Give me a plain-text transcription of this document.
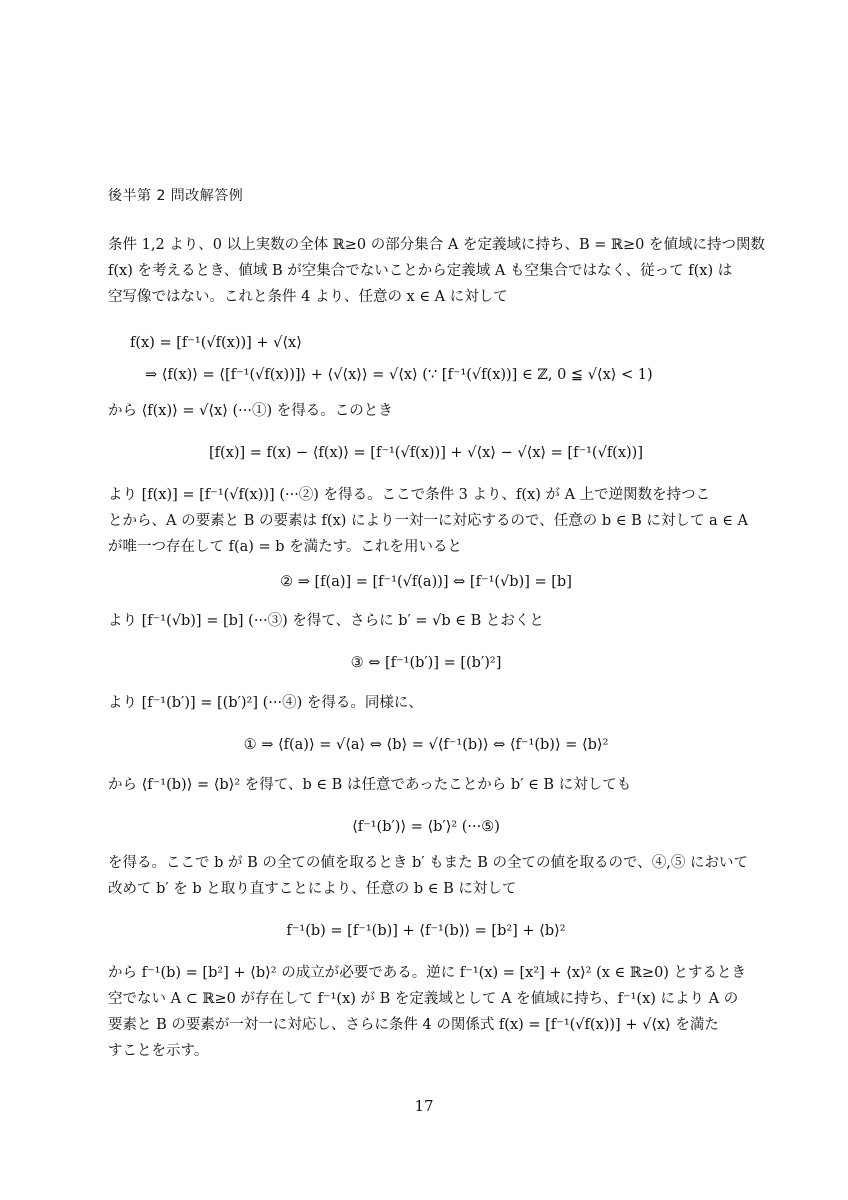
後半第 2 問改解答例
条件 1,2 より、0 以上実数の全体 ℝ≥0 の部分集合 A を定義域に持ち、B = ℝ≥0 を値域に持つ関数
f(x) を考えるとき、値域 B が空集合でないことから定義域 A も空集合ではなく、従って f(x) は
空写像ではない。これと条件 4 より、任意の x ∈ A に対して
f(x) = [f⁻¹(√f(x))] + √⟨x⟩
⇒ ⟨f(x)⟩ = ⟨[f⁻¹(√f(x))]⟩ + ⟨√⟨x⟩⟩ = √⟨x⟩ (∵ [f⁻¹(√f(x))] ∈ ℤ, 0 ≦ √⟨x⟩ < 1)
から ⟨f(x)⟩ = √⟨x⟩ (···①) を得る。このとき
[f(x)] = f(x) − ⟨f(x)⟩ = [f⁻¹(√f(x))] + √⟨x⟩ − √⟨x⟩ = [f⁻¹(√f(x))]
より [f(x)] = [f⁻¹(√f(x))] (···②) を得る。ここで条件 3 より、f(x) が A 上で逆関数を持つこ
とから、A の要素と B の要素は f(x) により一対一に対応するので、任意の b ∈ B に対して a ∈ A
が唯一つ存在して f(a) = b を満たす。これを用いると
② ⇒ [f(a)] = [f⁻¹(√f(a))] ⇔ [f⁻¹(√b)] = [b]
より [f⁻¹(√b)] = [b] (···③) を得て、さらに b′ = √b ∈ B とおくと
③ ⇔ [f⁻¹(b′)] = [(b′)²]
より [f⁻¹(b′)] = [(b′)²] (···④) を得る。同様に、
① ⇒ ⟨f(a)⟩ = √⟨a⟩ ⇔ ⟨b⟩ = √⟨f⁻¹(b)⟩ ⇔ ⟨f⁻¹(b)⟩ = ⟨b⟩²
から ⟨f⁻¹(b)⟩ = ⟨b⟩² を得て、b ∈ B は任意であったことから b′ ∈ B に対しても
⟨f⁻¹(b′)⟩ = ⟨b′⟩² (···⑤)
を得る。ここで b が B の全ての値を取るとき b′ もまた B の全ての値を取るので、④,⑤ において
改めて b′ を b と取り直すことにより、任意の b ∈ B に対して
f⁻¹(b) = [f⁻¹(b)] + ⟨f⁻¹(b)⟩ = [b²] + ⟨b⟩²
から f⁻¹(b) = [b²] + ⟨b⟩² の成立が必要である。逆に f⁻¹(x) = [x²] + ⟨x⟩² (x ∈ ℝ≥0) とするとき
空でない A ⊂ ℝ≥0 が存在して f⁻¹(x) が B を定義域として A を値域に持ち、f⁻¹(x) により A の
要素と B の要素が一対一に対応し、さらに条件 4 の関係式 f(x) = [f⁻¹(√f(x))] + √⟨x⟩ を満た
すことを示す。
17
